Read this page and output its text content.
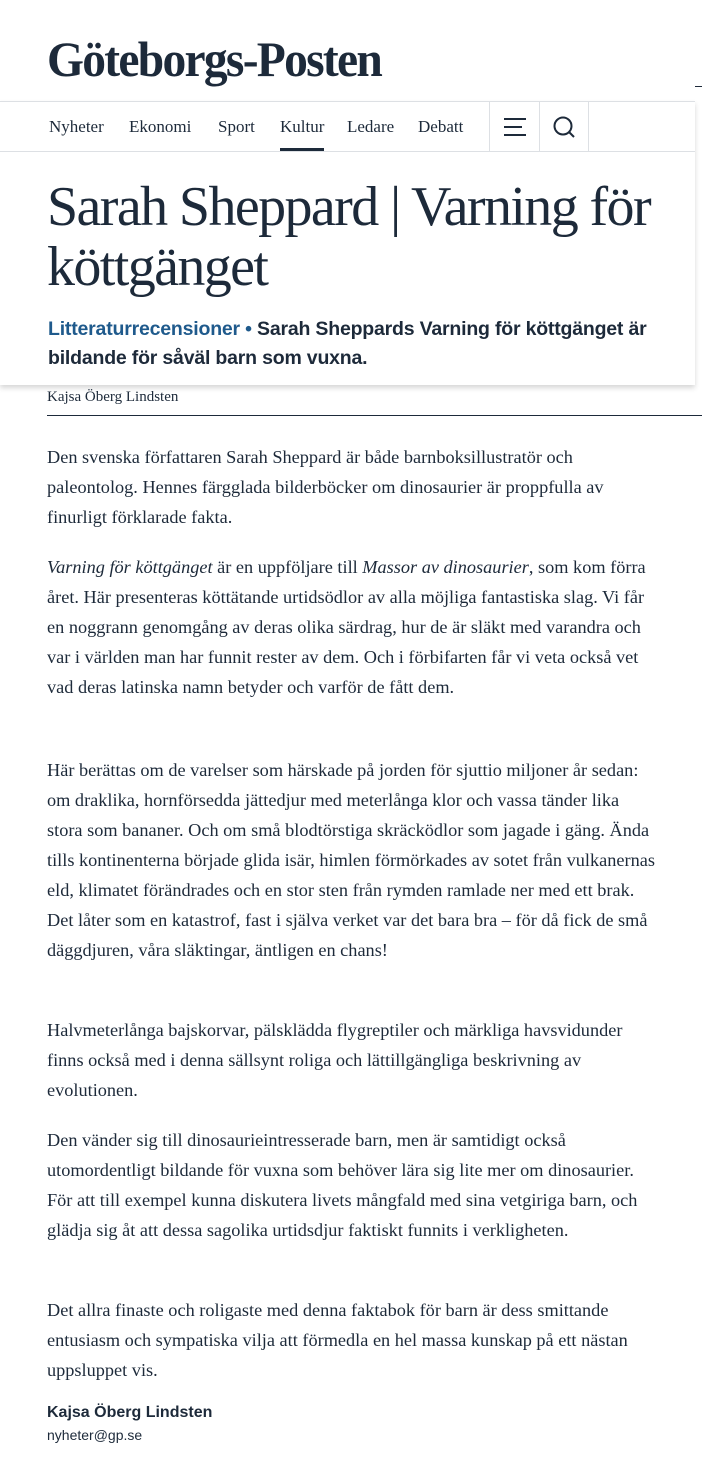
Göteborgs-Posten
Nyheter Ekonomi Sport Kultur Ledare Debatt
Sarah Sheppard | Varning för köttgänget

Litteraturrecensioner • Sarah Sheppards Varning för köttgänget är bildande för såväl barn som vuxna.

Kajsa Öberg Lindsten

Den svenska författaren Sarah Sheppard är både barnboksillustratör och paleontolog. Hennes färgglada bilderböcker om dinosaurier är proppfulla av finurligt förklarade fakta.

Varning för köttgänget är en uppföljare till Massor av dinosaurier, som kom förra året. Här presenteras köttätande urtidsödlor av alla möjliga fantastiska slag. Vi får en noggrann genomgång av deras olika särdrag, hur de är släkt med varandra och var i världen man har funnit rester av dem. Och i förbifarten får vi veta också vet vad deras latinska namn betyder och varför de fått dem.

Här berättas om de varelser som härskade på jorden för sjuttio miljoner år sedan: om draklika, hornförsedda jättedjur med meterlånga klor och vassa tänder lika stora som bananer. Och om små blodtörstiga skräcködlor som jagade i gäng. Ända tills kontinenterna började glida isär, himlen förmörkades av sotet från vulkanernas eld, klimatet förändrades och en stor sten från rymden ramlade ner med ett brak. Det låter som en katastrof, fast i själva verket var det bara bra – för då fick de små däggdjuren, våra släktingar, äntligen en chans!

Halvmeterlånga bajskorvar, pälsklädda flygreptiler och märkliga havsvidunder finns också med i denna sällsynt roliga och lättillgängliga beskrivning av evolutionen.

Den vänder sig till dinosaurieintresserade barn, men är samtidigt också utomordentligt bildande för vuxna som behöver lära sig lite mer om dinosaurier. För att till exempel kunna diskutera livets mångfald med sina vetgiriga barn, och glädja sig åt att dessa sagolika urtidsdjur faktiskt funnits i verkligheten.

Det allra finaste och roligaste med denna faktabok för barn är dess smittande entusiasm och sympatiska vilja att förmedla en hel massa kunskap på ett nästan uppsluppet vis.

Kajsa Öberg Lindsten
nyheter@gp.se
